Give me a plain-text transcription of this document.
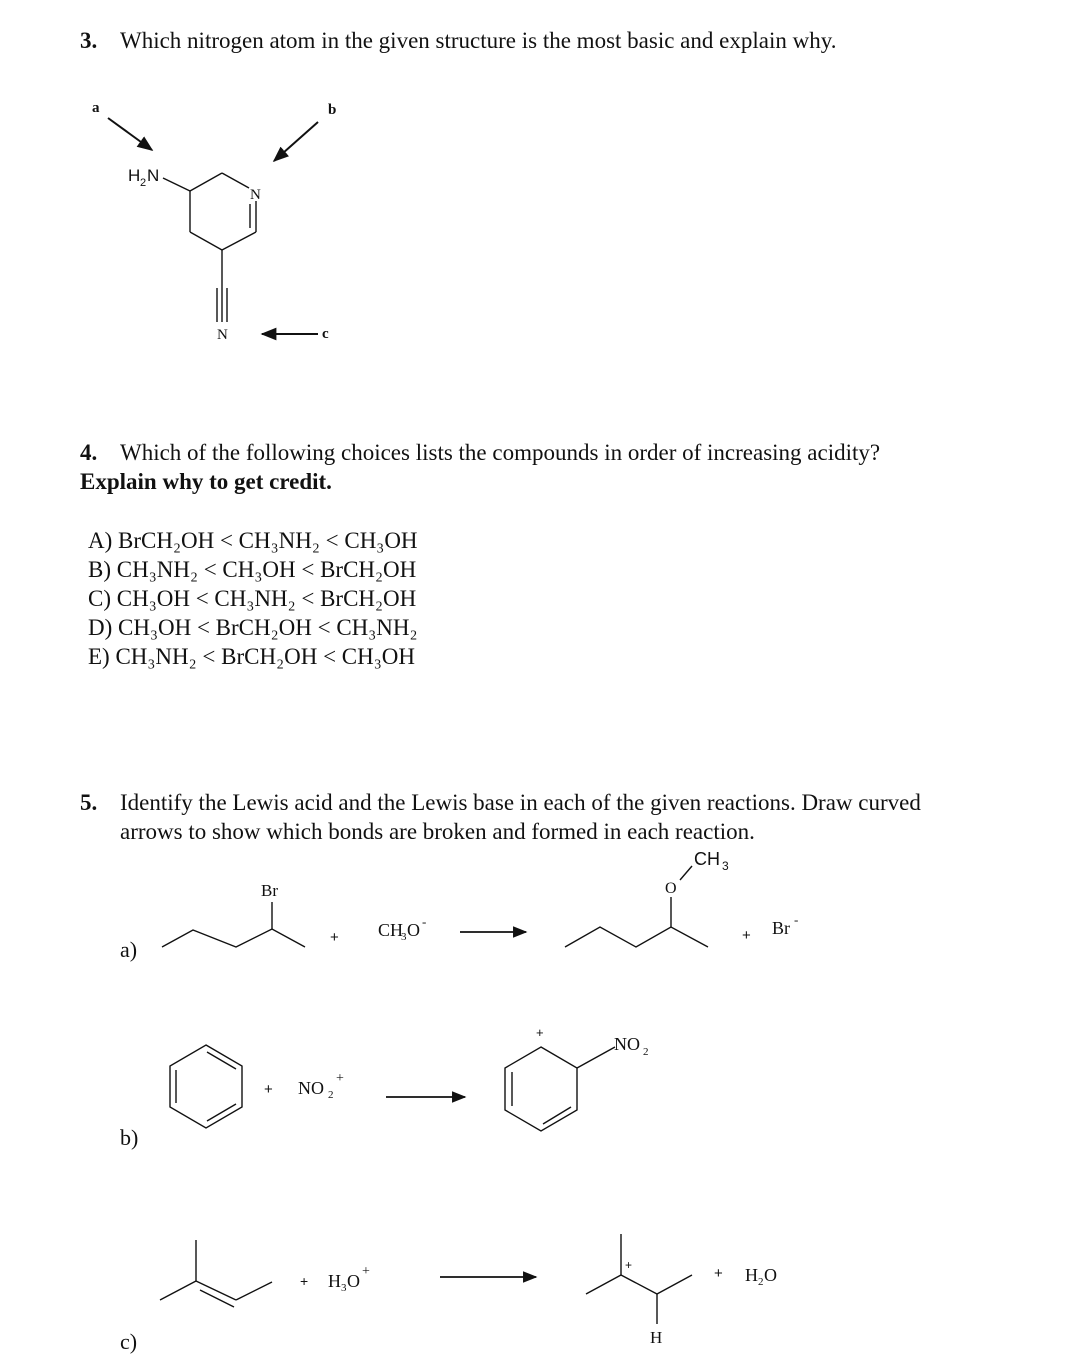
3. Which nitrogen atom in the given structure is the most basic and explain why.
a	b
c
H 2 N
N
N
a)
Br
+ CH
3 O -
O
CH 3
+ Br -
b)
+ NO 2
+
+
NO 2
c)
+ H 3 O +	+
H
+ H 2 O
4. Which of the following choices lists the compounds in order of increasing acidity?
Explain why to get credit.
A) BrCH₂OH < CH₃NH₂ < CH₃OH
B) CH₃NH₂ < CH₃OH < BrCH₂OH
C) CH₃OH < CH₃NH₂ < BrCH₂OH
D) CH₃OH < BrCH₂OH < CH₃NH₂
E) CH₃NH₂ < BrCH₂OH < CH₃OH
5. Identify the Lewis acid and the Lewis base in each of the given reactions. Draw curved
arrows to show which bonds are broken and formed in each reaction.
